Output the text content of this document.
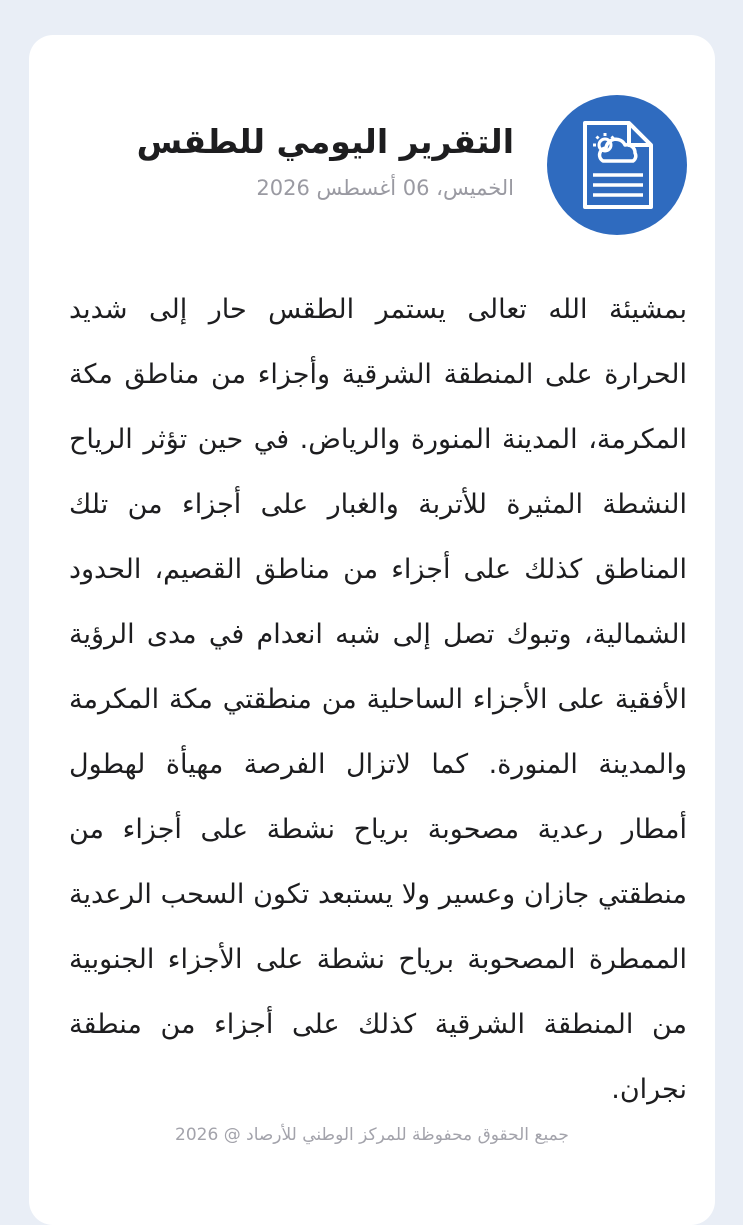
التقرير اليومي للطقس
الخميس، 06 أغسطس 2026
بمشيئة الله تعالى يستمر الطقس حار إلى شديد الحرارة على المنطقة الشرقية وأجزاء من مناطق مكة المكرمة، المدينة المنورة والرياض. في حين تؤثر الرياح النشطة المثيرة للأتربة والغبار على أجزاء من تلك المناطق كذلك على أجزاء من مناطق القصيم، الحدود الشمالية، وتبوك تصل إلى شبه انعدام في مدى الرؤية الأفقية على الأجزاء الساحلية من منطقتي مكة المكرمة والمدينة المنورة. كما لاتزال الفرصة مهيأة لهطول أمطار رعدية مصحوبة برياح نشطة على أجزاء من منطقتي جازان وعسير ولا يستبعد تكون السحب الرعدية الممطرة المصحوبة برياح نشطة على الأجزاء الجنوبية من المنطقة الشرقية كذلك على أجزاء من منطقة نجران.
جميع الحقوق محفوظة للمركز الوطني للأرصاد @ 2026
